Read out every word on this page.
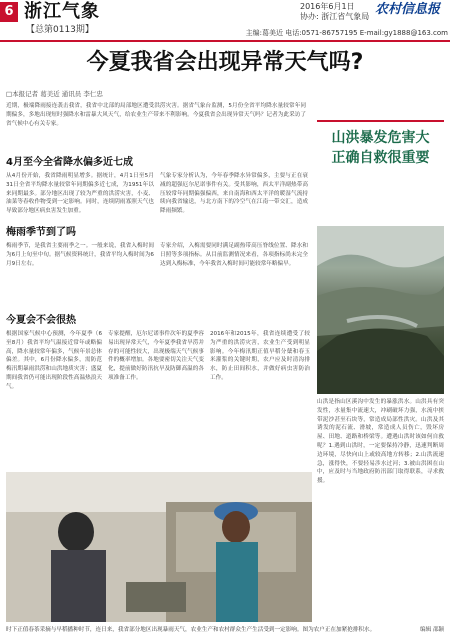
6 浙江气象
【总第0113期】
2016年6月1日
协办: 浙江省气象局 农村信息报
主编:葛美近 电话:0571-86757195 E-mail:gy1888@163.com
今夏我省会出现异常天气吗?
□本报记者 葛美近 通讯员 李仁忠
近期，极端降雨接连袭击我省，我省中北部的局部地区遭受洪涝灾害。据省气象台监测，5月份全省平均降水量较常年同期偏多，多地出现短时强降水和雷暴大风天气，给农业生产带来不利影响。今夏我省会出现异常天气吗？记者为此采访了省气候中心有关专家。
4月至今全省降水偏多近七成
从4月份开始，我省降雨明显增多。据统计，4月1日至5月31日全省平均降水量较常年同期偏多近七成，为1951年以来同期最多。部分地区出现了较为严重的洪涝灾害，小麦、油菜等春收作物受到一定影响。同时，连续阴雨寡照天气也导致部分地区病虫害发生加重。
气象专家分析认为，今年春季降水异常偏多，主要与正在衰减的超强厄尔尼诺事件有关。受其影响，西太平洋副热带高压较常年同期偏强偏西，来自南海和西太平洋的暖湿气流持续向我省输送，与北方南下的冷空气在江南一带交汇，造成降雨频繁。
梅雨季节到了吗
梅雨季节，是我省主要雨季之一。一般来说，我省入梅时间为6月上旬至中旬。据气候资料统计，我省平均入梅时间为6月9日左右。
专家介绍，入梅需要同时满足副热带高压脊线位置、降水和日照等多项指标。从目前监测情况来看，各项指标尚未完全达到入梅标准，今年我省入梅时间可能较常年略偏早。
今夏会不会很热
根据国家气候中心预测，今年夏季（6至8月）我省平均气温接近常年或略偏高，降水量较常年偏多，气候年景总体偏差。其中，6月份降水偏多，需防范梅汛期暴雨洪涝和山洪地质灾害；盛夏期间我省仍可能出现阶段性高温热浪天气。
专家提醒，厄尔尼诺事件次年的夏季容易出现异常天气，今年夏季我省旱涝并存的可能性较大，出现极端天气气候事件的概率增加。各地要密切关注天气变化，提前做好防汛抗旱及防御高温的各项准备工作。
2016年和2015年，我省连续遭受了较为严重的洪涝灾害，农业生产受到明显影响。今年梅汛期正值早稻分蘖和春玉米灌浆的关键时期，农户应及时清沟排水，防止田间积水，并做好病虫害防治工作。
山洪暴发危害大
正确自救很重要
山洪是指山区溪沟中发生的暴涨洪水。山洪具有突发性，水量集中流速大，冲刷破坏力强，水流中挟带泥沙甚至石块等，常造成局部性洪灾。山洪及其诱发的泥石流、滑坡，常造成人员伤亡，毁坏房屋、田地、道路和桥梁等。遭遇山洪时该如何自救呢？1.遇到山洪时，一定要保持冷静，迅速判断周边环境，尽快向山上或较高地方转移；2.山洪流速急，涨得快，不要轻易涉水过河；3.被山洪困在山中，应及时与当地政府防汛部门取得联系，寻求救援。
时下正值春茶采摘与早稻播种时节，连日来，我省部分地区出现暴雨天气，农业生产和农村群众生产生活受到一定影响。图为农户正在加紧抢排积水。	编辑 邵颖
